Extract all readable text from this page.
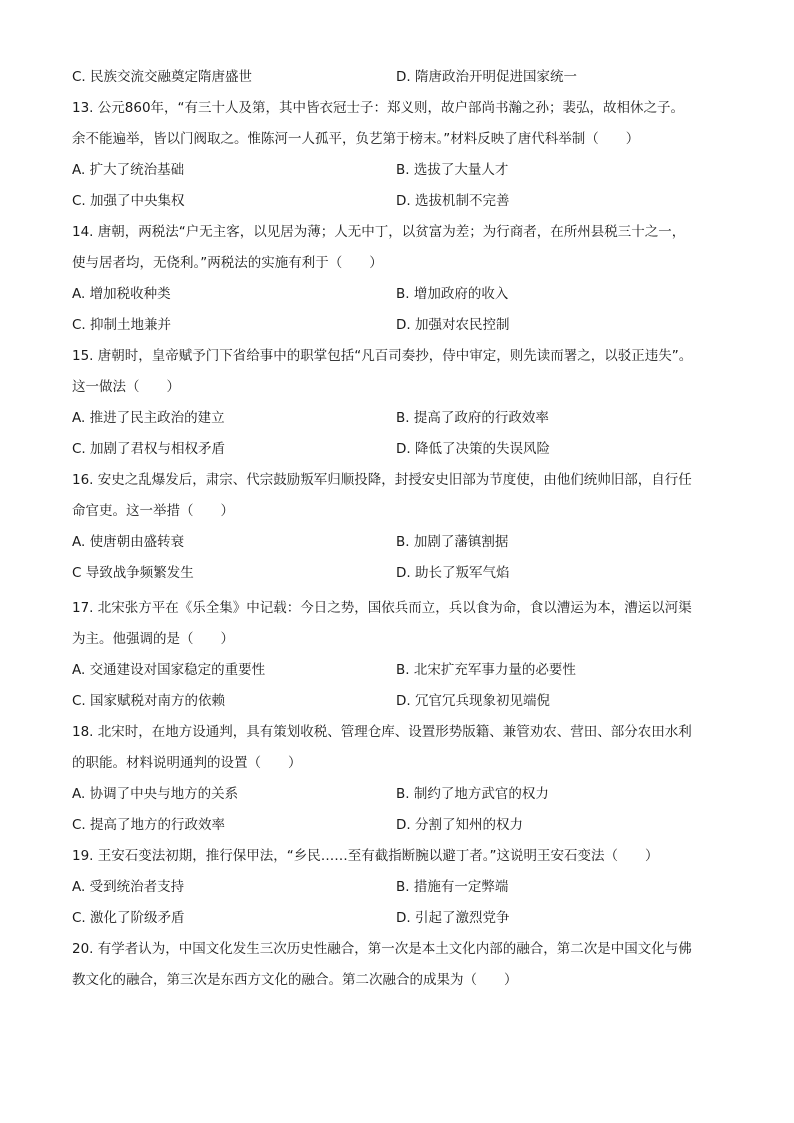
C. 民族交流交融奠定隋唐盛世	D. 隋唐政治开明促进国家统一
13. 公元860年，“有三十人及第，其中皆衣冠士子：郑义则，故户部尚书瀚之孙；裴弘，故相休之子。
余不能遍举，皆以门阀取之。惟陈河一人孤平，负艺第于榜末。”材料反映了唐代科举制（　　）
A. 扩大了统治基础	B. 选拔了大量人才
C. 加强了中央集权	D. 选拔机制不完善
14. 唐朝，两税法“户无主客，以见居为薄；人无中丁，以贫富为差；为行商者，在所州县税三十之一，
使与居者均，无侥利。”两税法的实施有利于（　　）
A. 增加税收种类	B. 增加政府的收入
C. 抑制土地兼并	D. 加强对农民控制
15. 唐朝时，皇帝赋予门下省给事中的职掌包括“凡百司奏抄，侍中审定，则先读而署之，以驳正违失”。
这一做法（　　）
A. 推进了民主政治的建立	B. 提高了政府的行政效率
C. 加剧了君权与相权矛盾	D. 降低了决策的失误风险
16. 安史之乱爆发后，肃宗、代宗鼓励叛军归顺投降，封授安史旧部为节度使，由他们统帅旧部，自行任
命官吏。这一举措（　　）
A. 使唐朝由盛转衰	B. 加剧了藩镇割据
C 导致战争频繁发生	D. 助长了叛军气焰
17. 北宋张方平在《乐全集》中记载：今日之势，国依兵而立，兵以食为命，食以漕运为本，漕运以河渠
为主。他强调的是（　　）
A. 交通建设对国家稳定的重要性	B. 北宋扩充军事力量的必要性
C. 国家赋税对南方的依赖	D. 冗官冗兵现象初见端倪
18. 北宋时，在地方设通判，具有策划收税、管理仓库、设置形势版籍、兼管劝农、营田、部分农田水利
的职能。材料说明通判的设置（　　）
A. 协调了中央与地方的关系	B. 制约了地方武官的权力
C. 提高了地方的行政效率	D. 分割了知州的权力
19. 王安石变法初期，推行保甲法，“乡民……至有截指断腕以避丁者。”这说明王安石变法（　　）
A. 受到统治者支持	B. 措施有一定弊端
C. 激化了阶级矛盾	D. 引起了激烈党争
20. 有学者认为，中国文化发生三次历史性融合，第一次是本土文化内部的融合，第二次是中国文化与佛
教文化的融合，第三次是东西方文化的融合。第二次融合的成果为（　　）
